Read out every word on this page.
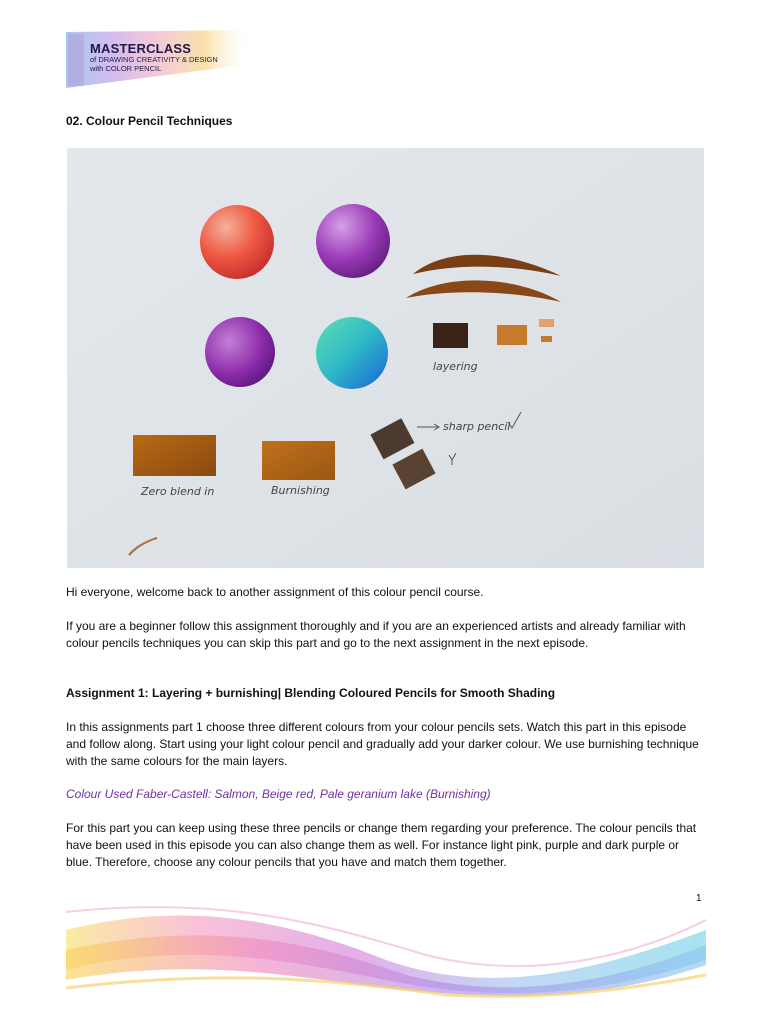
MASTERCLASS
of DRAWING CREATIVITY & DESIGN
with COLOR PENCIL
02. Colour Pencil Techniques
layering
sharp pencil
Zero blend in	Burnishing
Hi everyone, welcome back to another assignment of this colour pencil course.
If you are a beginner follow this assignment thoroughly and if you are an experienced artists and already familiar with colour pencils techniques you can skip this part and go to the next assignment in the next episode.
Assignment 1: Layering + burnishing| Blending Coloured Pencils for Smooth Shading
In this assignments part 1 choose three different colours from your colour pencils sets. Watch this part in this episode and follow along. Start using your light colour pencil and gradually add your darker colour. We use burnishing technique with the same colours for the main layers.
Colour Used Faber-Castell: Salmon, Beige red, Pale geranium lake (Burnishing)
For this part you can keep using these three pencils or change them regarding your preference. The colour pencils that have been used in this episode you can also change them as well. For instance light pink, purple and dark purple or blue. Therefore, choose any colour pencils that you have and match them together.
1
